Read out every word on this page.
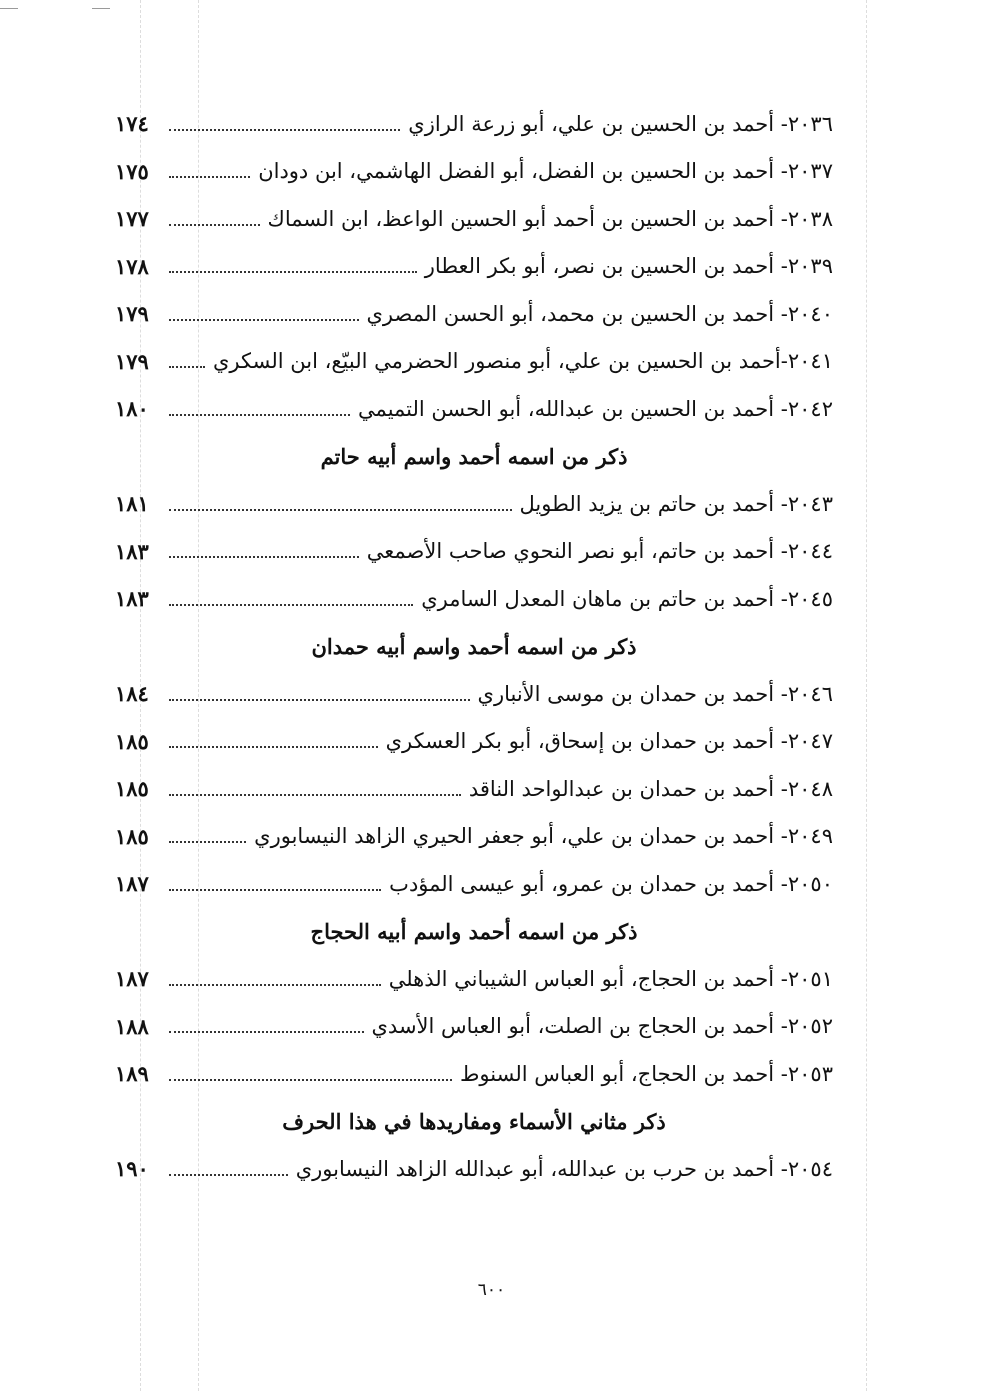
٢٠٣٦- أحمد بن الحسين بن علي، أبو زرعة الرازي
١٧٤
٢٠٣٧- أحمد بن الحسين بن الفضل، أبو الفضل الهاشمي، ابن دودان
١٧٥
٢٠٣٨- أحمد بن الحسين بن أحمد أبو الحسين الواعظ، ابن السماك
١٧٧
٢٠٣٩- أحمد بن الحسين بن نصر، أبو بكر العطار
١٧٨
٢٠٤٠- أحمد بن الحسين بن محمد، أبو الحسن المصري
١٧٩
٢٠٤١-أحمد بن الحسين بن علي، أبو منصور الحضرمي البيّع، ابن السكري
١٧٩
٢٠٤٢- أحمد بن الحسين بن عبدالله، أبو الحسن التميمي
١٨٠
ذكر من اسمه أحمد واسم أبيه حاتم
٢٠٤٣- أحمد بن حاتم بن يزيد الطويل
١٨١
٢٠٤٤- أحمد بن حاتم، أبو نصر النحوي صاحب الأصمعي
١٨٣
٢٠٤٥- أحمد بن حاتم بن ماهان المعدل السامري
١٨٣
ذكر من اسمه أحمد واسم أبيه حمدان
٢٠٤٦- أحمد بن حمدان بن موسى الأنباري
١٨٤
٢٠٤٧- أحمد بن حمدان بن إسحاق، أبو بكر العسكري
١٨٥
٢٠٤٨- أحمد بن حمدان بن عبدالواحد الناقد
١٨٥
٢٠٤٩- أحمد بن حمدان بن علي، أبو جعفر الحيري الزاهد النيسابوري
١٨٥
٢٠٥٠- أحمد بن حمدان بن عمرو، أبو عيسى المؤدب
١٨٧
ذكر من اسمه أحمد واسم أبيه الحجاج
٢٠٥١- أحمد بن الحجاج، أبو العباس الشيباني الذهلي
١٨٧
٢٠٥٢- أحمد بن الحجاج بن الصلت، أبو العباس الأسدي
١٨٨
٢٠٥٣- أحمد بن الحجاج، أبو العباس السنوط
١٨٩
ذكر مثاني الأسماء ومفاريدها في هذا الحرف
٢٠٥٤- أحمد بن حرب بن عبدالله، أبو عبدالله الزاهد النيسابوري
١٩٠
٦٠٠
